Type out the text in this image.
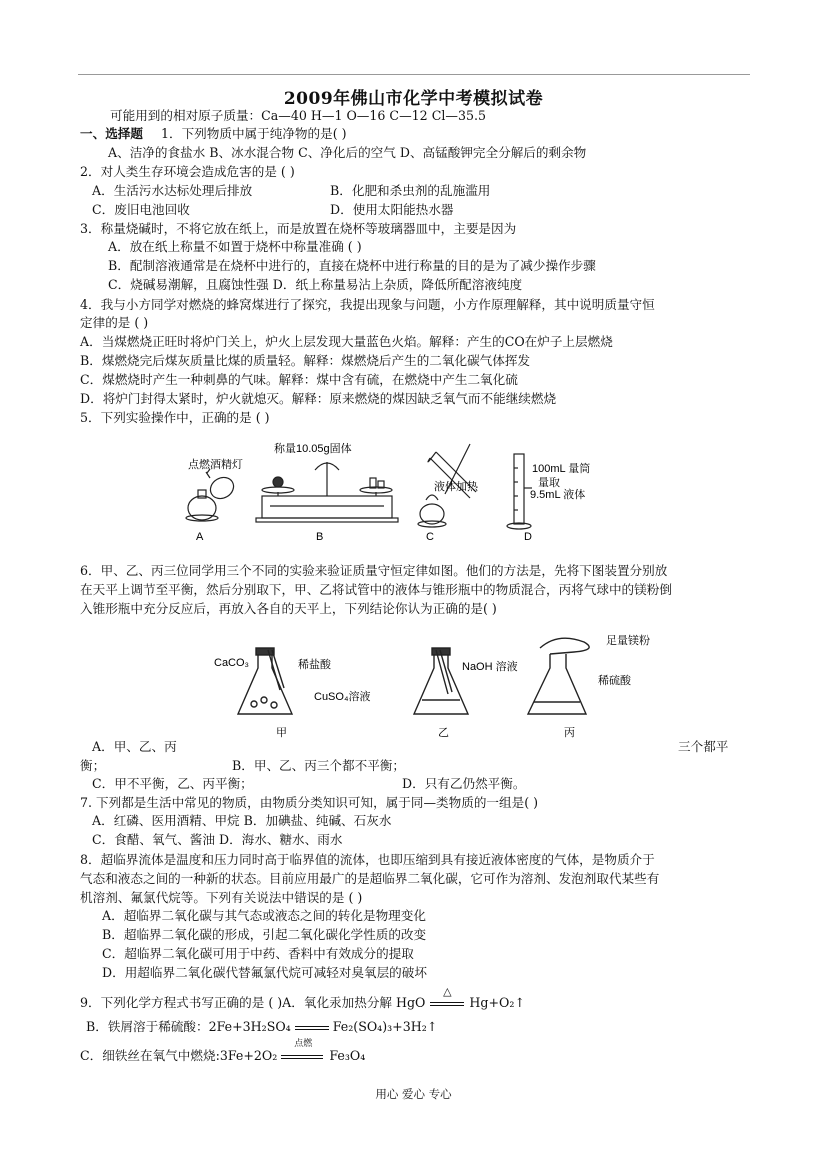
2009年佛山市化学中考模拟试卷
可能用到的相对原子质量：Ca—40 H—1 O—16 C—12 Cl—35.5
一、选择题 1．下列物质中属于纯净物的是( )
A、洁净的食盐水 B、冰水混合物 C、净化后的空气 D、高锰酸钾完全分解后的剩余物
2．对人类生存环境会造成危害的是 ( )
A．生活污水达标处理后排放	B．化肥和杀虫剂的乱施滥用
C．废旧电池回收	D．使用太阳能热水器
3．称量烧碱时，不将它放在纸上，而是放置在烧杯等玻璃器皿中，主要是因为
A．放在纸上称量不如置于烧杯中称量准确 ( )
B．配制溶液通常是在烧杯中进行的，直接在烧杯中进行称量的目的是为了减少操作步骤
C．烧碱易潮解，且腐蚀性强 D．纸上称量易沾上杂质，降低所配溶液纯度
4．我与小方同学对燃烧的蜂窝煤进行了探究，我提出现象与问题，小方作原理解释，其中说明质量守恒
定律的是 ( )
A．当煤燃烧正旺时将炉门关上，炉火上层发现大量蓝色火焰。解释：产生的CO在炉子上层燃烧
B．煤燃烧完后煤灰质量比煤的质量轻。解释：煤燃烧后产生的二氧化碳气体挥发
C．煤燃烧时产生一种刺鼻的气味。解释：煤中含有硫，在燃烧中产生二氧化硫
D．将炉门封得太紧时，炉火就熄灭。解释：原来燃烧的煤因缺乏氧气而不能继续燃烧
5．下列实验操作中，正确的是 ( )
点燃酒精灯
A
称量10.05g固体
B
液体加热
C
100mL 量筒
量取
9.5mL 液体
D
6．甲、乙、丙三位同学用三个不同的实验来验证质量守恒定律如图。他们的方法是，先将下图装置分别放
在天平上调节至平衡，然后分别取下，甲、乙将试管中的液体与锥形瓶中的物质混合，丙将气球中的镁粉倒
入锥形瓶中充分反应后，再放入各自的天平上，下列结论你认为正确的是( )
CaCO₃	稀盐酸
甲
NaOH 溶液
CuSO₄溶液
乙
足量镁粉
稀硫酸
丙
A．甲、乙、丙	三个都平
衡；	B．甲、乙、丙三个都不平衡；
C．甲不平衡，乙、丙平衡；	D．只有乙仍然平衡。
7. 下列都是生活中常见的物质，由物质分类知识可知，属于同—类物质的一组是( )
A．红磷、医用酒精、甲烷 B．加碘盐、纯碱、石灰水
C．食醋、氧气、酱油 D．海水、糖水、雨水
8．超临界流体是温度和压力同时高于临界值的流体，也即压缩到具有接近液体密度的气体，是物质介于
气态和液态之间的一种新的状态。目前应用最广的是超临界二氧化碳，它可作为溶剂、发泡剂取代某些有
机溶剂、氟氯代烷等。下列有关说法中错误的是 ( )
A．超临界二氧化碳与其气态或液态之间的转化是物理变化
B．超临界二氧化碳的形成，引起二氧化碳化学性质的改变
C．超临界二氧化碳可用于中药、香料中有效成分的提取
D．用超临界二氧化碳代替氟氯代烷可减轻对臭氧层的破坏
9．下列化学方程式书写正确的是 ( )A．氧化汞加热分解 HgO
△
Hg+O₂↑
B．铁屑溶于稀硫酸：2Fe+3H₂SO₄	Fe₂(SO₄)₃+3H₂↑
C．细铁丝在氧气中燃烧:3Fe+2O₂
点燃
Fe₃O₄
用心 爱心 专心
